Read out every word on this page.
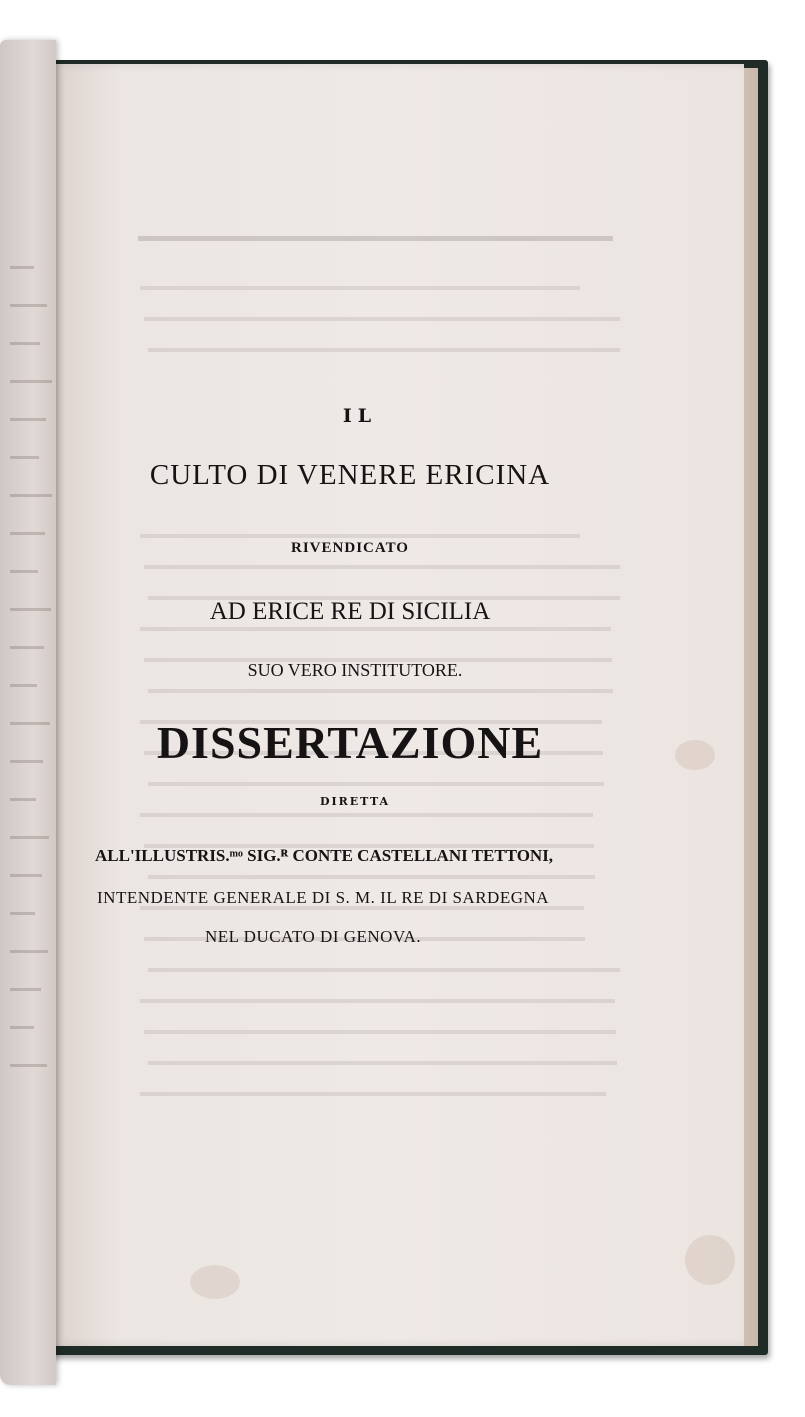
IL
CULTO DI VENERE ERICINA
RIVENDICATO
AD ERICE RE DI SICILIA
SUO VERO INSTITUTORE.
DISSERTAZIONE
DIRETTA
ALL'ILLUSTRIS.ᵐᵒ SIG.ᴿ CONTE CASTELLANI TETTONI,
INTENDENTE GENERALE DI S. M. IL RE DI SARDEGNA
NEL DUCATO DI GENOVA.
